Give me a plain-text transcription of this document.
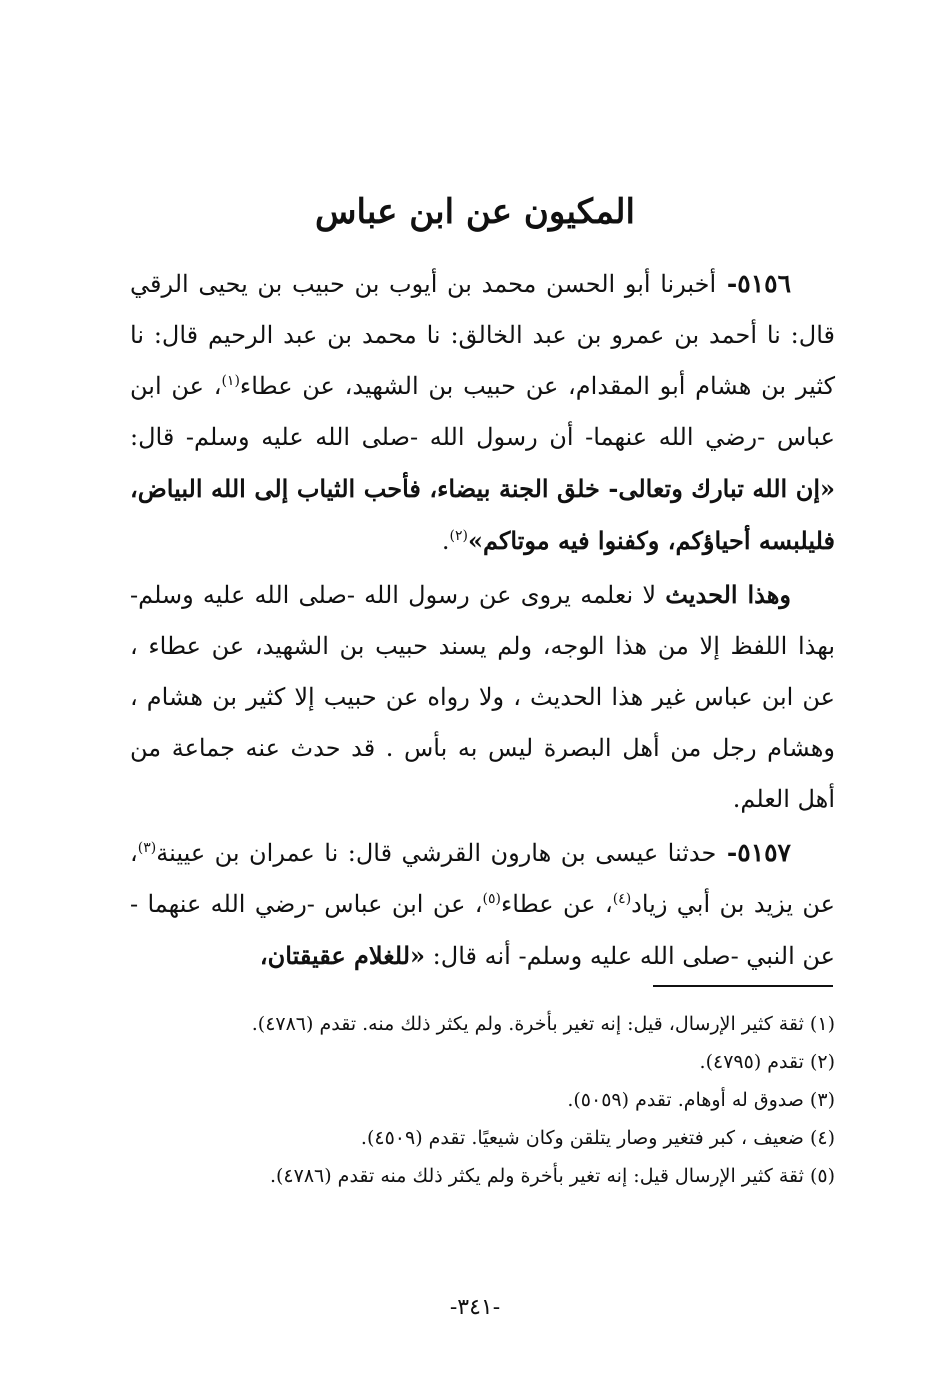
المكيون عن ابن عباس

٥١٥٦- أخبرنا أبو الحسن محمد بن أيوب بن حبيب بن يحيى الرقي قال: نا أحمد بن عمرو بن عبد الخالق: نا محمد بن عبد الرحيم قال: نا كثير بن هشام أبو المقدام، عن حبيب بن الشهيد، عن عطاء$^{(١)}$، عن ابن عباس -رضي الله عنهما- أن رسول الله -صلى الله عليه وسلم- قال: «إن الله تبارك وتعالى- خلق الجنة بيضاء، فأحب الثياب إلى الله البياض، فليلبسه أحياؤكم، وكفنوا فيه موتاكم»$^{(٢)}$.

وهذا الحديث لا نعلمه يروى عن رسول الله -صلى الله عليه وسلم- بهذا اللفظ إلا من هذا الوجه، ولم يسند حبيب بن الشهيد، عن عطاء ، عن ابن عباس غير هذا الحديث ، ولا رواه عن حبيب إلا كثير بن هشام ، وهشام رجل من أهل البصرة ليس به بأس . قد حدث عنه جماعة من أهل العلم.

٥١٥٧- حدثنا عيسى بن هارون القرشي قال: نا عمران بن عيينة$^{(٣)}$، عن يزيد بن أبي زياد$^{(٤)}$، عن عطاء$^{(٥)}$، عن ابن عباس -رضي الله عنهما - عن النبي -صلى الله عليه وسلم- أنه قال: «للغلام عقيقتان،

(١) ثقة كثير الإرسال، قيل: إنه تغير بأخرة. ولم يكثر ذلك منه. تقدم (٤٧٨٦).

(٢) تقدم (٤٧٩٥).

(٣) صدوق له أوهام. تقدم (٥٠٥٩).

(٤) ضعيف ، كبر فتغير وصار يتلقن وكان شيعيًا. تقدم (٤٥٠٩).

(٥) ثقة كثير الإرسال قيل: إنه تغير بأخرة ولم يكثر ذلك منه تقدم (٤٧٨٦).

-٣٤١-
